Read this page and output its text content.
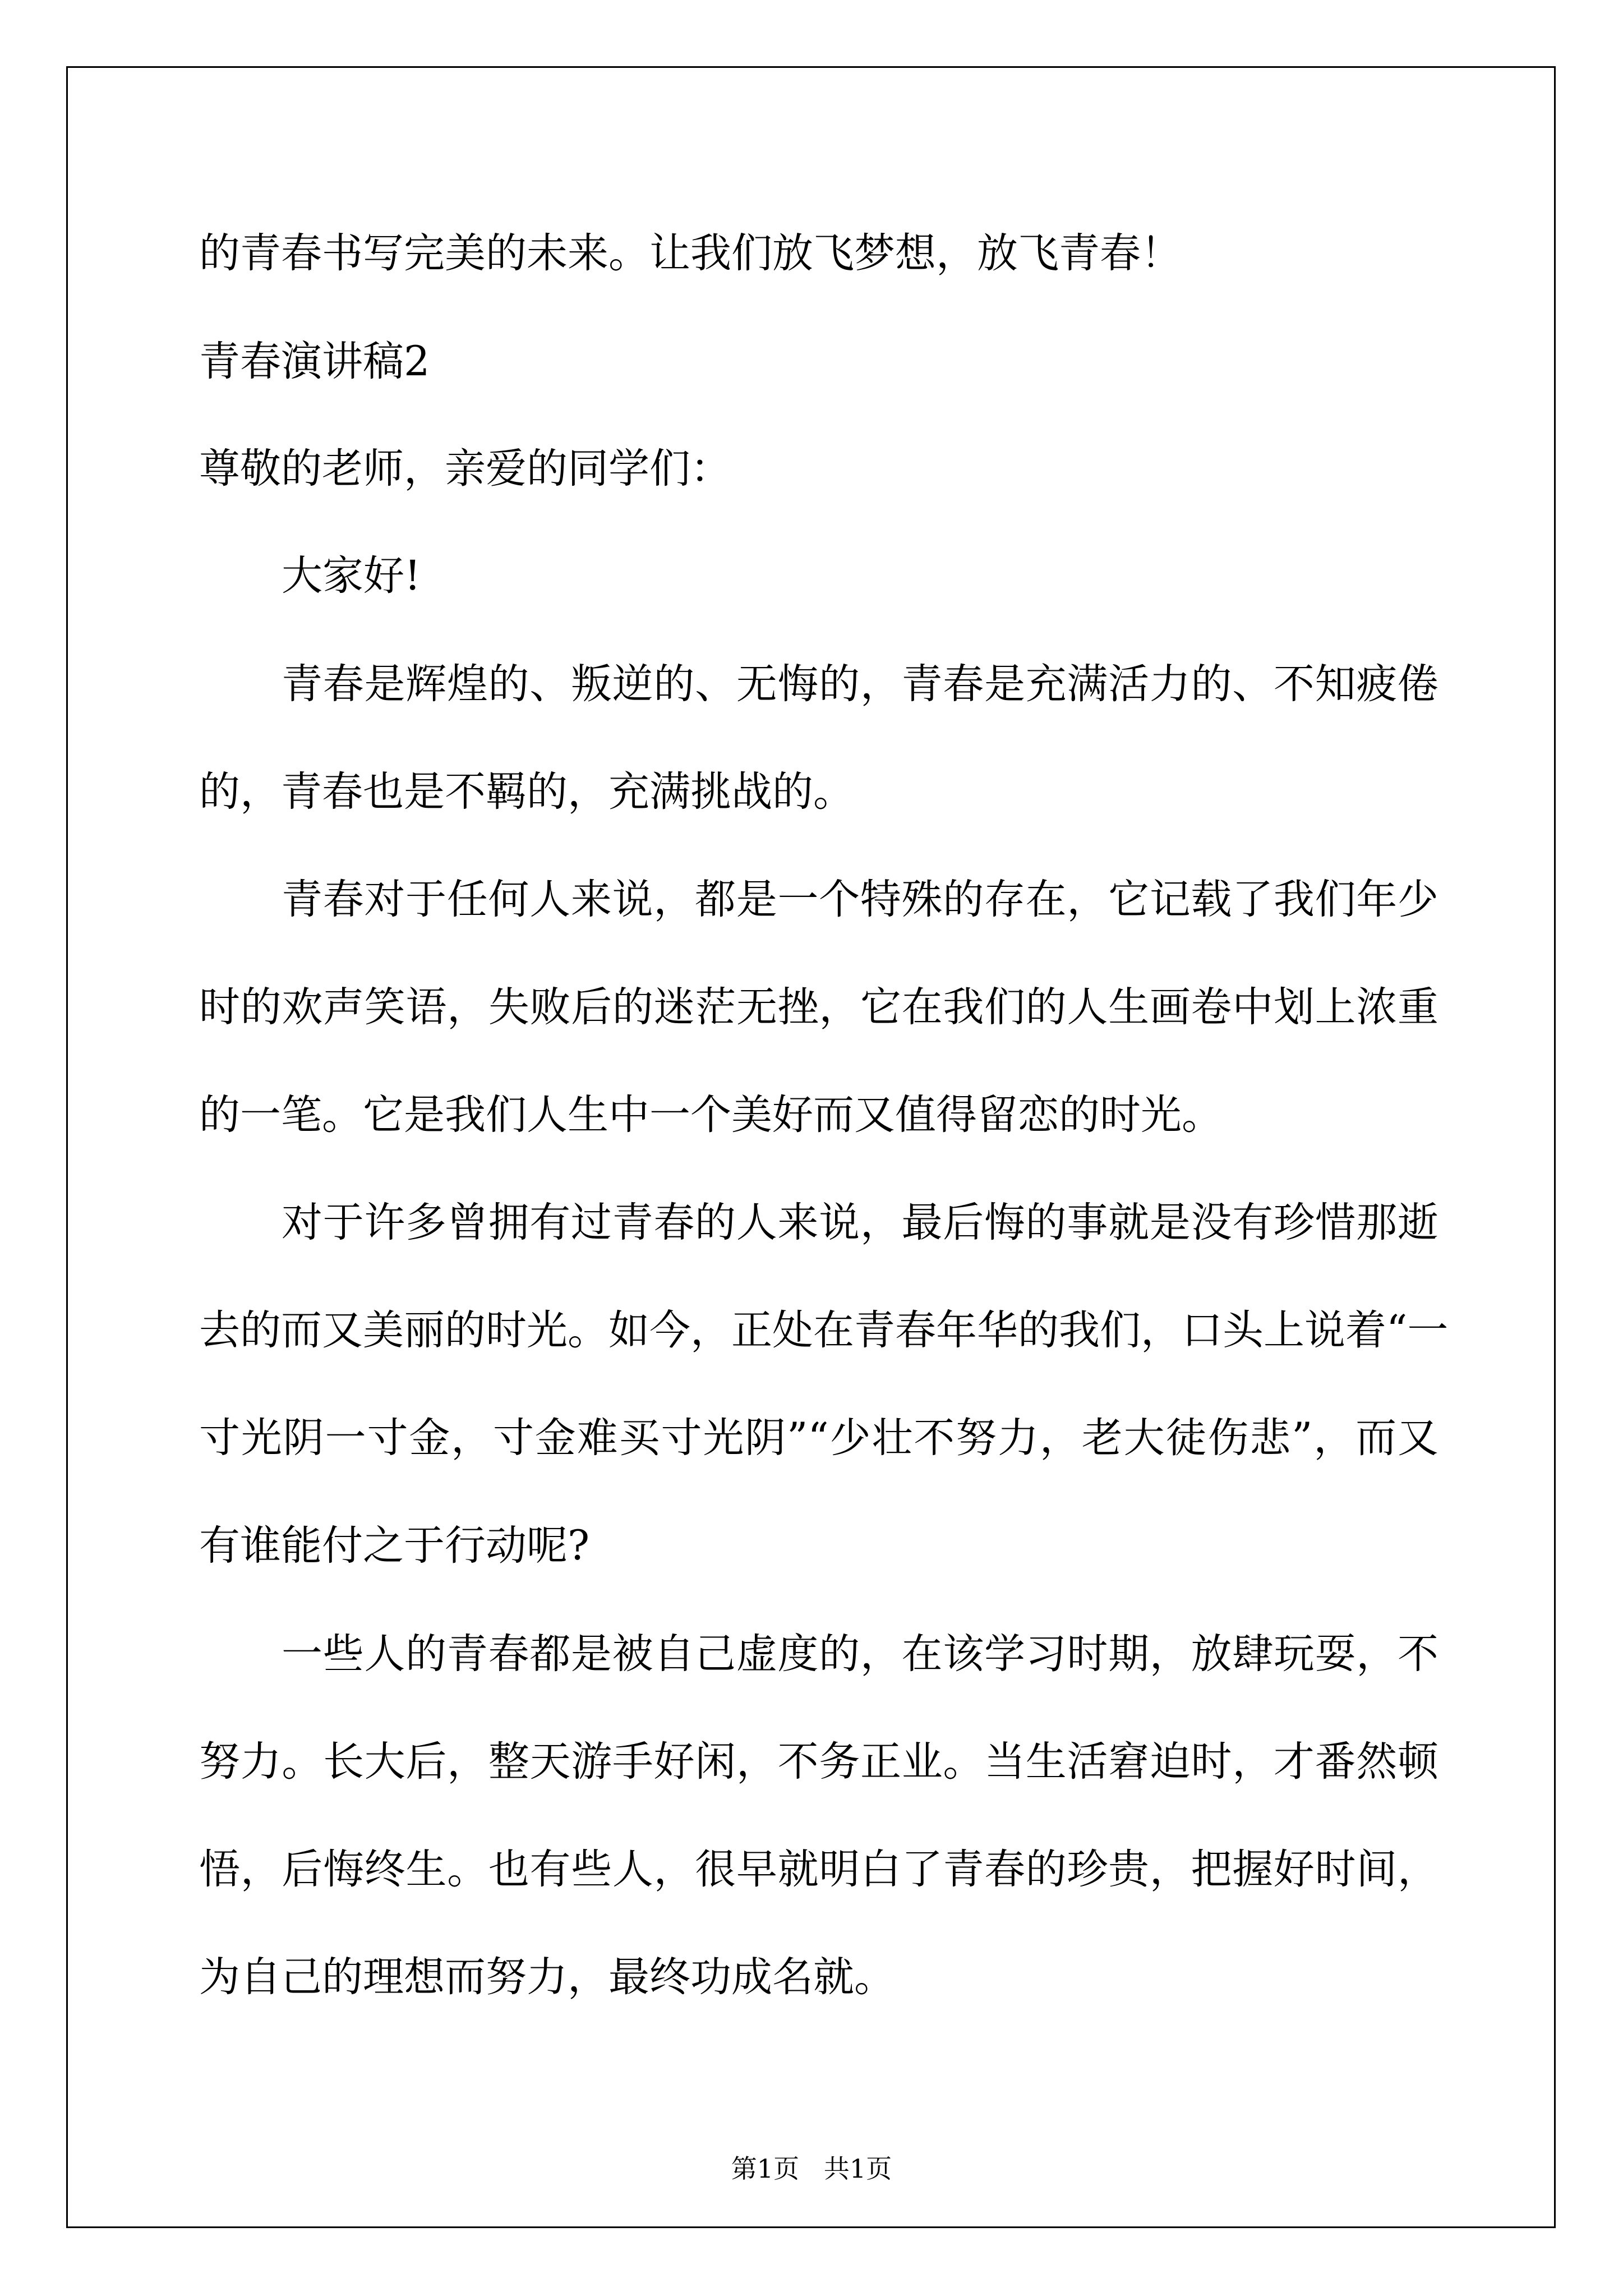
的青春书写完美的未来。让我们放飞梦想，放飞青春！
青春演讲稿2
尊敬的老师，亲爱的同学们：
大家好!
青春是辉煌的、叛逆的、无悔的，青春是充满活力的、不知疲倦
的，青春也是不羁的，充满挑战的。
青春对于任何人来说，都是一个特殊的存在，它记载了我们年少
时的欢声笑语，失败后的迷茫无挫，它在我们的人生画卷中划上浓重
的一笔。它是我们人生中一个美好而又值得留恋的时光。
对于许多曾拥有过青春的人来说，最后悔的事就是没有珍惜那逝
去的而又美丽的时光。如今，正处在青春年华的我们，口头上说着“一
寸光阴一寸金，寸金难买寸光阴”“少壮不努力，老大徒伤悲”，而又
有谁能付之于行动呢?
一些人的青春都是被自己虚度的，在该学习时期，放肆玩耍，不
努力。长大后，整天游手好闲，不务正业。当生活窘迫时，才番然顿
悟，后悔终生。也有些人，很早就明白了青春的珍贵，把握好时间，
为自己的理想而努力，最终功成名就。
第1页   共1页
